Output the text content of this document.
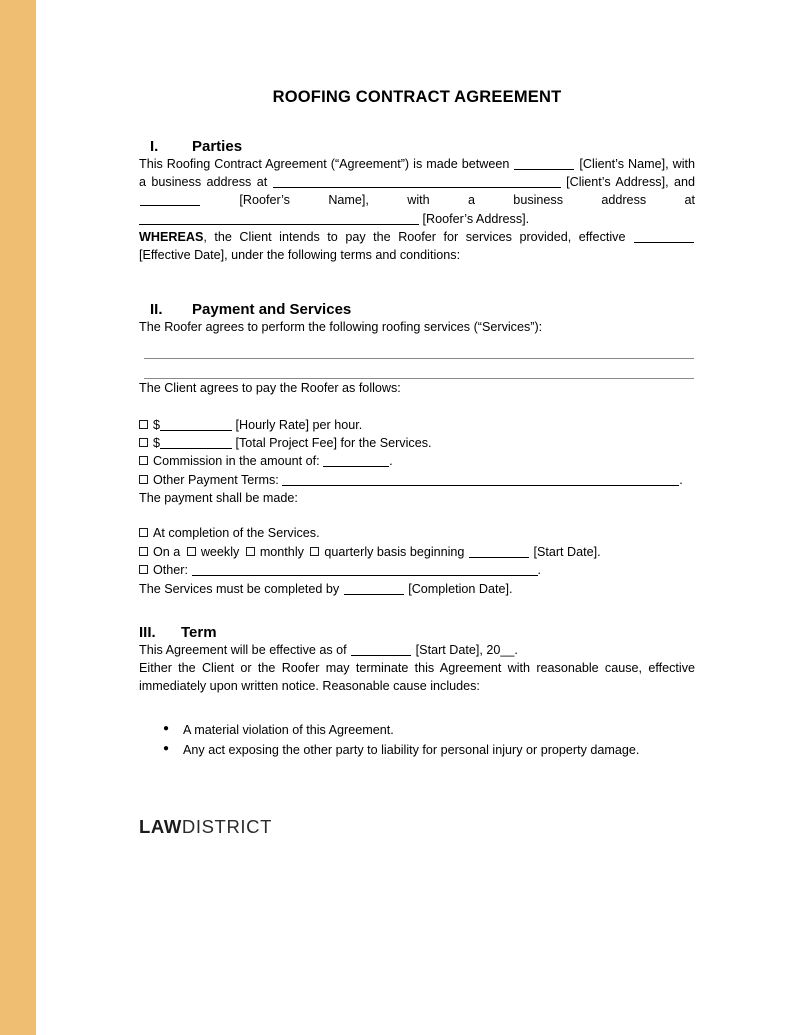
ROOFING CONTRACT AGREEMENT
I.	Parties

This Roofing Contract Agreement (“Agreement”) is made between	[Client’s Name], with a business address at	[Client’s Address], and  [Roofer’s Name], with a business address at  [Roofer’s Address].

WHEREAS, the Client intends to pay the Roofer for services provided, effective  [Effective Date], under the following terms and conditions:

II.	Payment and Services

The Roofer agrees to perform the following roofing services (“Services”):

The Client agrees to pay the Roofer as follows:

$	[Hourly Rate] per hour.
$	[Total Project Fee] for the Services.
Commission in the amount of:	.
Other Payment Terms:	.

The payment shall be made:

At completion of the Services.
On a weekly monthly quarterly basis beginning	[Start Date].
Other:	.

The Services must be completed by	[Completion Date].

III.	Term

This Agreement will be effective as of	[Start Date], 20__.

Either the Client or the Roofer may terminate this Agreement with reasonable cause, effective immediately upon written notice. Reasonable cause includes:

● A material violation of this Agreement.
● Any act exposing the other party to liability for personal injury or property damage.
LAWDISTRICT
